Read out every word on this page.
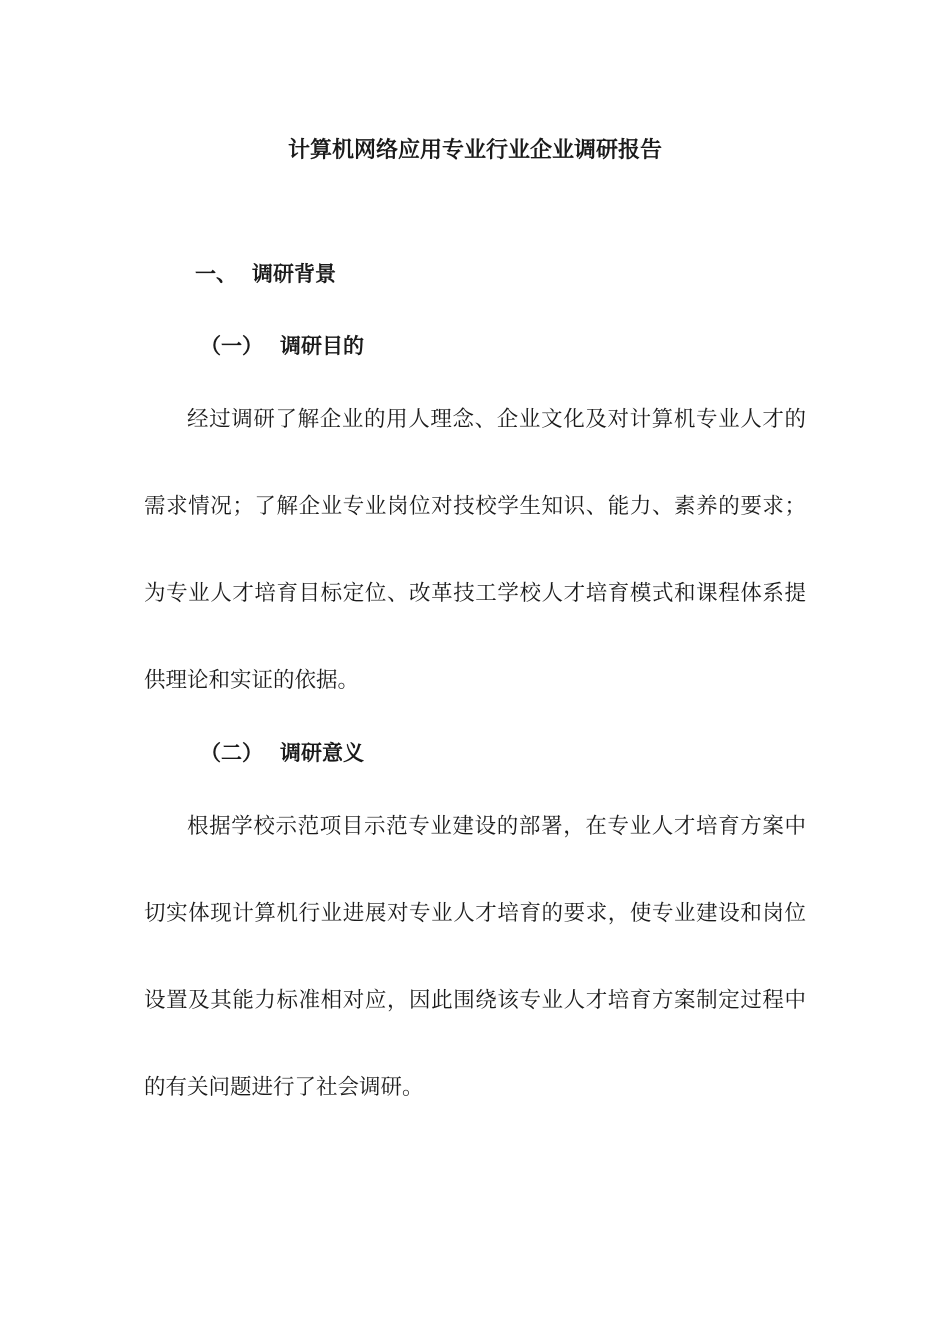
计算机网络应用专业行业企业调研报告
一、 调研背景
（一） 调研目的

经过调研了解企业的用人理念、企业文化及对计算机专业人才的需求情况；了解企业专业岗位对技校学生知识、能力、素养的要求；为专业人才培育目标定位、改革技工学校人才培育模式和课程体系提供理论和实证的依据。

（二） 调研意义

根据学校示范项目示范专业建设的部署，在专业人才培育方案中切实体现计算机行业进展对专业人才培育的要求，使专业建设和岗位设置及其能力标准相对应，因此围绕该专业人才培育方案制定过程中的有关问题进行了社会调研。
